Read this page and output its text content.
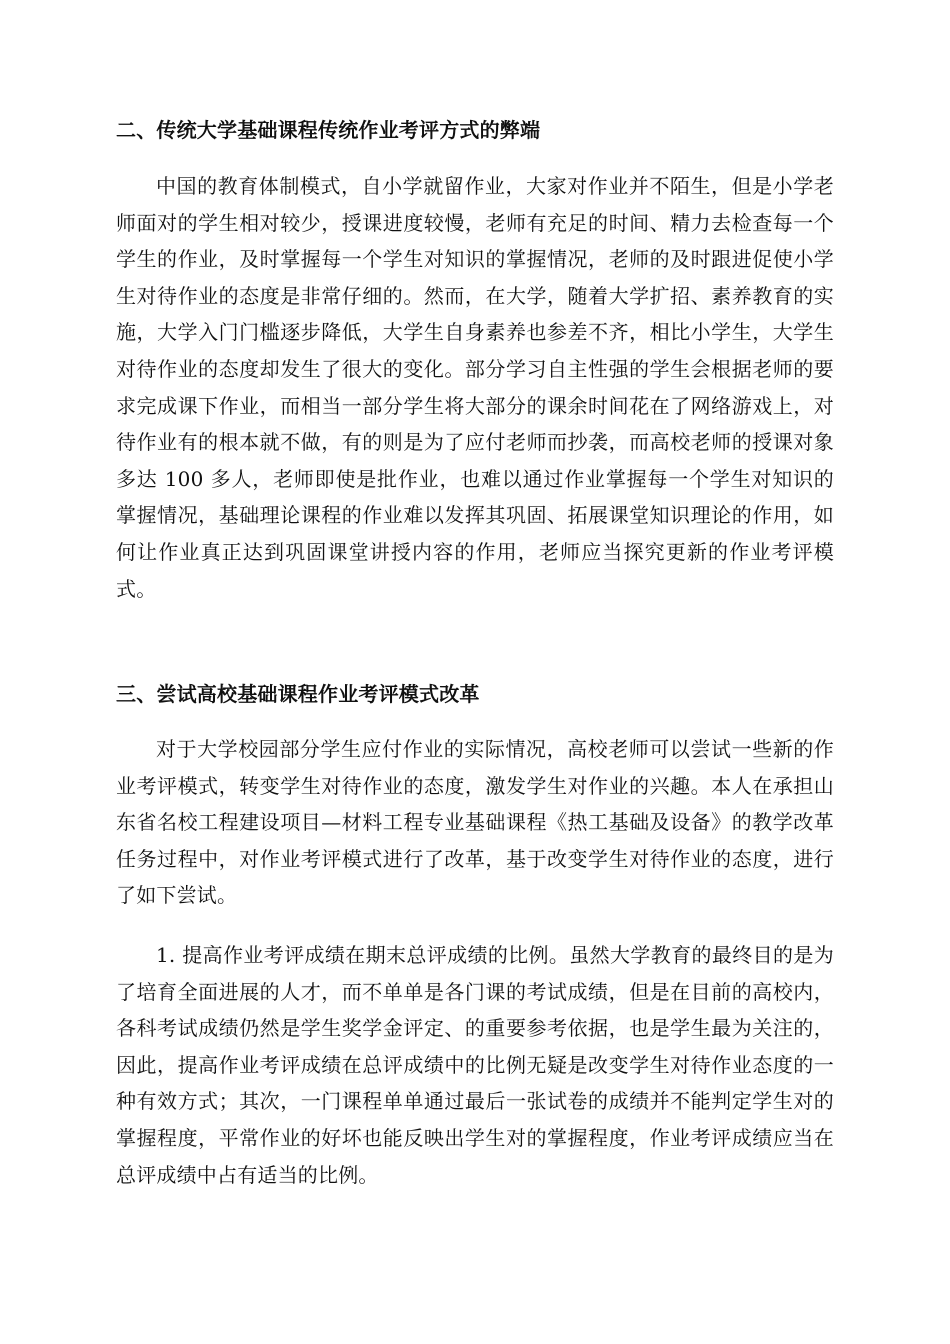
二、传统大学基础课程传统作业考评方式的弊端

中国的教育体制模式，自小学就留作业，大家对作业并不陌生，但是小学老师面对的学生相对较少，授课进度较慢，老师有充足的时间、精力去检查每一个学生的作业，及时掌握每一个学生对知识的掌握情况，老师的及时跟进促使小学生对待作业的态度是非常仔细的。然而，在大学，随着大学扩招、素养教育的实施，大学入门门槛逐步降低，大学生自身素养也参差不齐，相比小学生，大学生对待作业的态度却发生了很大的变化。部分学习自主性强的学生会根据老师的要求完成课下作业，而相当一部分学生将大部分的课余时间花在了网络游戏上，对待作业有的根本就不做，有的则是为了应付老师而抄袭，而高校老师的授课对象多达 100 多人，老师即使是批作业，也难以通过作业掌握每一个学生对知识的掌握情况，基础理论课程的作业难以发挥其巩固、拓展课堂知识理论的作用，如何让作业真正达到巩固课堂讲授内容的作用，老师应当探究更新的作业考评模式。

三、尝试高校基础课程作业考评模式改革

对于大学校园部分学生应付作业的实际情况，高校老师可以尝试一些新的作业考评模式，转变学生对待作业的态度，激发学生对作业的兴趣。本人在承担山东省名校工程建设项目—材料工程专业基础课程《热工基础及设备》的教学改革任务过程中，对作业考评模式进行了改革，基于改变学生对待作业的态度，进行了如下尝试。

1. 提高作业考评成绩在期末总评成绩的比例。虽然大学教育的最终目的是为了培育全面进展的人才，而不单单是各门课的考试成绩，但是在目前的高校内，各科考试成绩仍然是学生奖学金评定、的重要参考依据，也是学生最为关注的，因此，提高作业考评成绩在总评成绩中的比例无疑是改变学生对待作业态度的一种有效方式；其次，一门课程单单通过最后一张试卷的成绩并不能判定学生对的掌握程度，平常作业的好坏也能反映出学生对的掌握程度，作业考评成绩应当在总评成绩中占有适当的比例。
